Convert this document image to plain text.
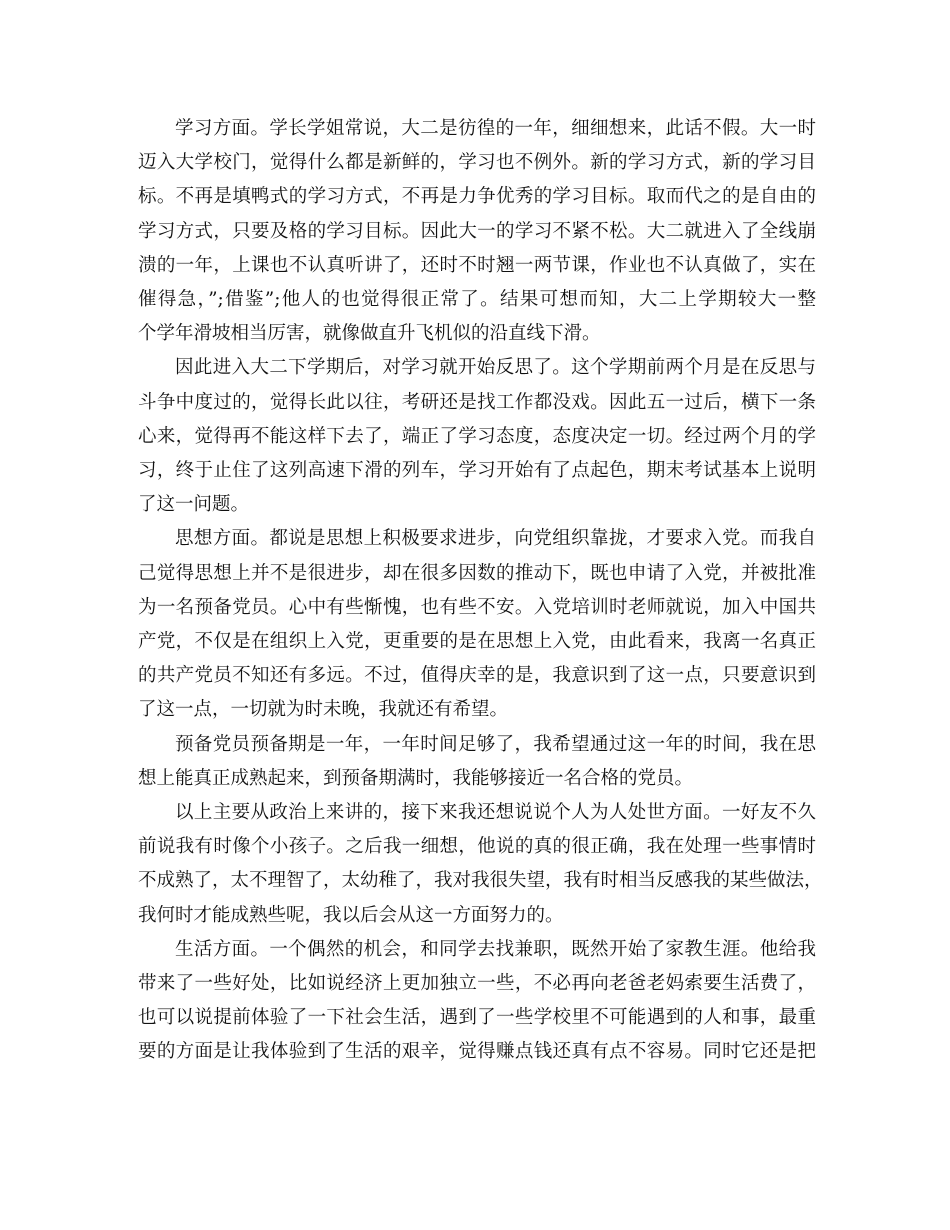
学习方面。学长学姐常说，大二是彷徨的一年，细细想来，此话不假。大一时
迈入大学校门，觉得什么都是新鲜的，学习也不例外。新的学习方式，新的学习目
标。不再是填鸭式的学习方式，不再是力争优秀的学习目标。取而代之的是自由的
学习方式，只要及格的学习目标。因此大一的学习不紧不松。大二就进入了全线崩
溃的一年，上课也不认真听讲了，还时不时翘一两节课，作业也不认真做了，实在
催得急，”;借鉴”;他人的也觉得很正常了。结果可想而知，大二上学期较大一整
个学年滑坡相当厉害，就像做直升飞机似的沿直线下滑。
因此进入大二下学期后，对学习就开始反思了。这个学期前两个月是在反思与
斗争中度过的，觉得长此以往，考研还是找工作都没戏。因此五一过后，横下一条
心来，觉得再不能这样下去了，端正了学习态度，态度决定一切。经过两个月的学
习，终于止住了这列高速下滑的列车，学习开始有了点起色，期末考试基本上说明
了这一问题。
思想方面。都说是思想上积极要求进步，向党组织靠拢，才要求入党。而我自
己觉得思想上并不是很进步，却在很多因数的推动下，既也申请了入党，并被批准
为一名预备党员。心中有些惭愧，也有些不安。入党培训时老师就说，加入中国共
产党，不仅是在组织上入党，更重要的是在思想上入党，由此看来，我离一名真正
的共产党员不知还有多远。不过，值得庆幸的是，我意识到了这一点，只要意识到
了这一点，一切就为时未晚，我就还有希望。
预备党员预备期是一年，一年时间足够了，我希望通过这一年的时间，我在思
想上能真正成熟起来，到预备期满时，我能够接近一名合格的党员。
以上主要从政治上来讲的，接下来我还想说说个人为人处世方面。一好友不久
前说我有时像个小孩子。之后我一细想，他说的真的很正确，我在处理一些事情时
不成熟了，太不理智了，太幼稚了，我对我很失望，我有时相当反感我的某些做法，
我何时才能成熟些呢，我以后会从这一方面努力的。
生活方面。一个偶然的机会，和同学去找兼职，既然开始了家教生涯。他给我
带来了一些好处，比如说经济上更加独立一些，不必再向老爸老妈索要生活费了，
也可以说提前体验了一下社会生活，遇到了一些学校里不可能遇到的人和事，最重
要的方面是让我体验到了生活的艰辛，觉得赚点钱还真有点不容易。同时它还是把
